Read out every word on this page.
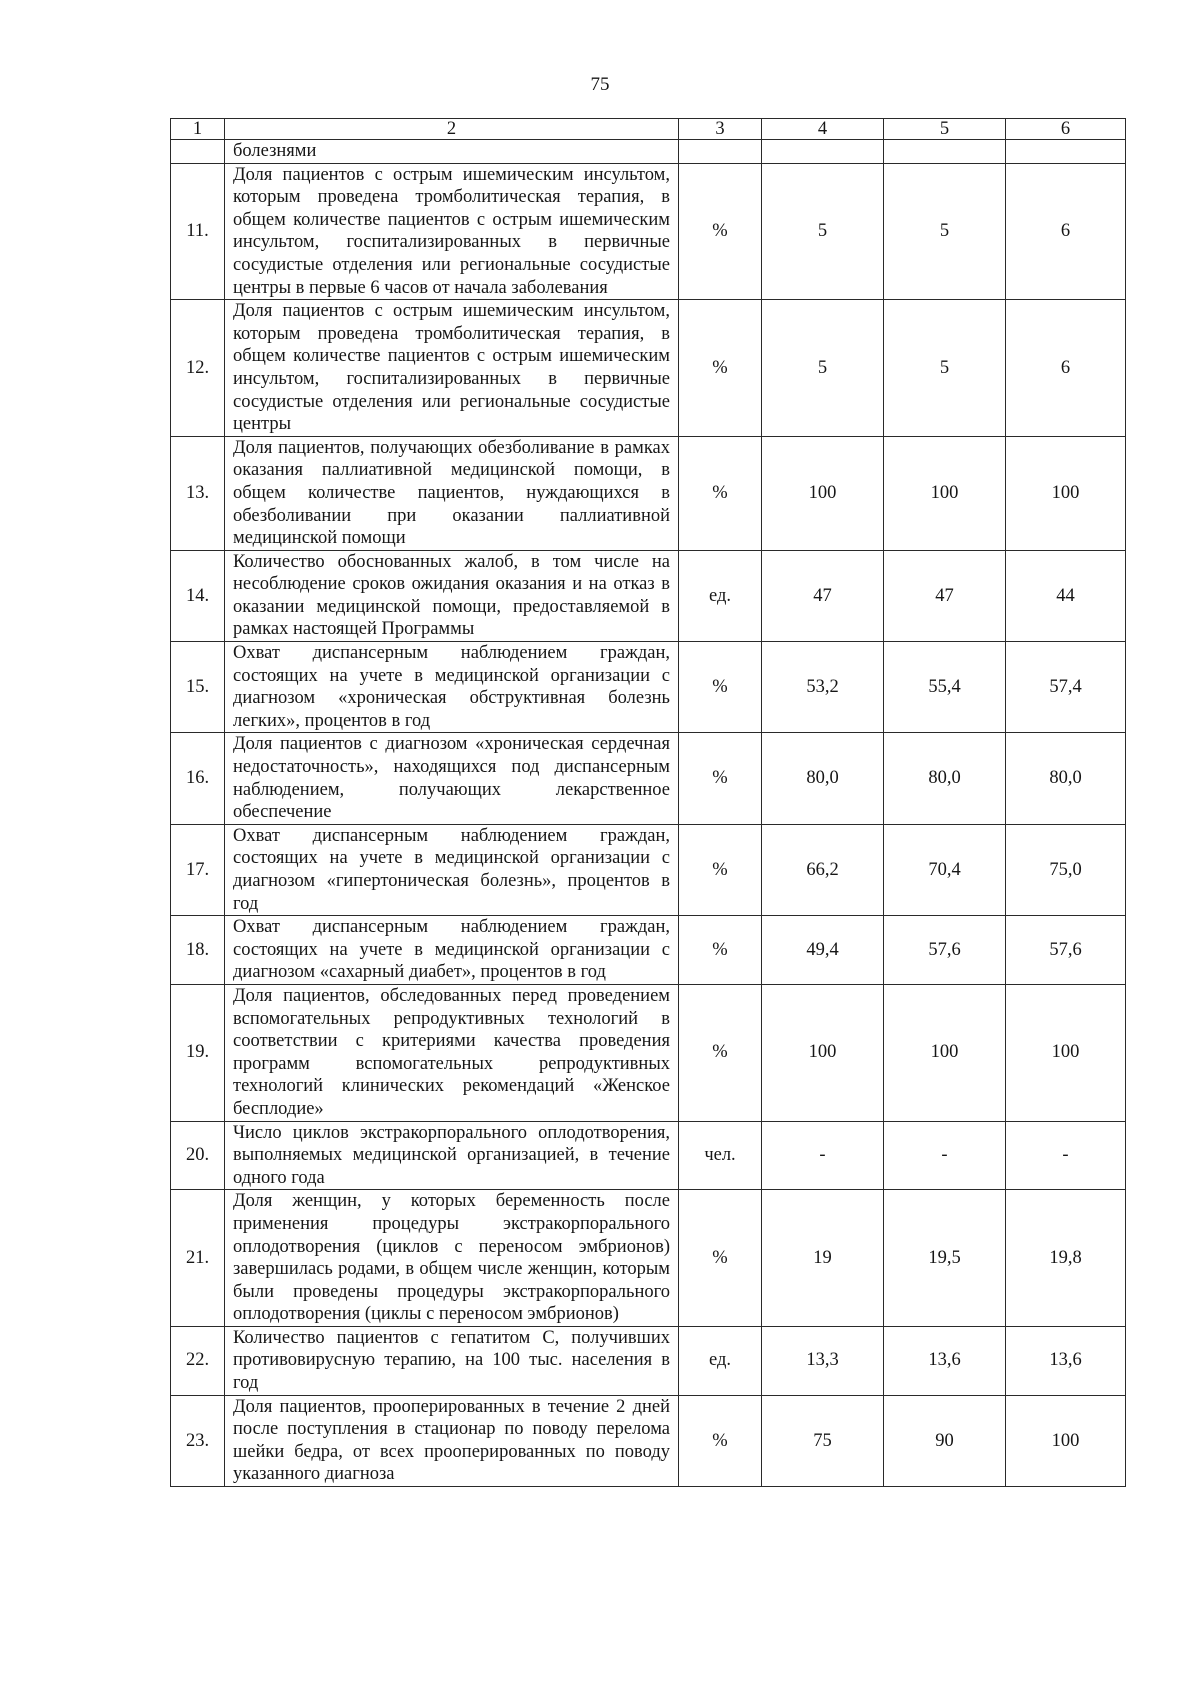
75
1	2	3	4	5	6
	болезнями				
11.	Доля пациентов с острым ишемическим инсультом, которым проведена тромболитическая терапия, в общем количестве пациентов с острым ишемическим инсультом, госпитализированных в первичные сосудистые отделения или региональные сосудистые центры в первые 6 часов от начала заболевания	%	5	5	6
12.	Доля пациентов с острым ишемическим инсультом, которым проведена тромболитическая терапия, в общем количестве пациентов с острым ишемическим инсультом, госпитализированных в первичные сосудистые отделения или региональные сосудистые центры	%	5	5	6
13.	Доля пациентов, получающих обезболивание в рамках оказания паллиативной медицинской помощи, в общем количестве пациентов, нуждающихся в обезболивании при оказании паллиативной медицинской помощи	%	100	100	100
14.	Количество обоснованных жалоб, в том числе на несоблюдение сроков ожидания оказания и на отказ в оказании медицинской помощи, предоставляемой в рамках настоящей Программы	ед.	47	47	44
15.	Охват диспансерным наблюдением граждан, состоящих на учете в медицинской организации с диагнозом «хроническая обструктивная болезнь легких», процентов в год	%	53,2	55,4	57,4
16.	Доля пациентов с диагнозом «хроническая сердечная недостаточность», находящихся под диспансерным наблюдением, получающих лекарственное обеспечение	%	80,0	80,0	80,0
17.	Охват диспансерным наблюдением граждан, состоящих на учете в медицинской организации с диагнозом «гипертоническая болезнь», процентов в год	%	66,2	70,4	75,0
18.	Охват диспансерным наблюдением граждан, состоящих на учете в медицинской организации с диагнозом «сахарный диабет», процентов в год	%	49,4	57,6	57,6
19.	Доля пациентов, обследованных перед проведением вспомогательных репродуктивных технологий в соответствии с критериями качества проведения программ вспомогательных репродуктивных технологий клинических рекомендаций «Женское бесплодие»	%	100	100	100
20.	Число циклов экстракорпорального оплодотворения, выполняемых медицинской организацией, в течение одного года	чел.	-	-	-
21.	Доля женщин, у которых беременность после применения процедуры экстракорпорального оплодотворения (циклов с переносом эмбрионов) завершилась родами, в общем числе женщин, которым были проведены процедуры экстракорпорального оплодотворения (циклы с переносом эмбрионов)	%	19	19,5	19,8
22.	Количество пациентов с гепатитом С, получивших противовирусную терапию, на 100 тыс. населения в год	ед.	13,3	13,6	13,6
23.	Доля пациентов, прооперированных в течение 2 дней после поступления в стационар по поводу перелома шейки бедра, от всех прооперированных по поводу указанного диагноза	%	75	90	100
